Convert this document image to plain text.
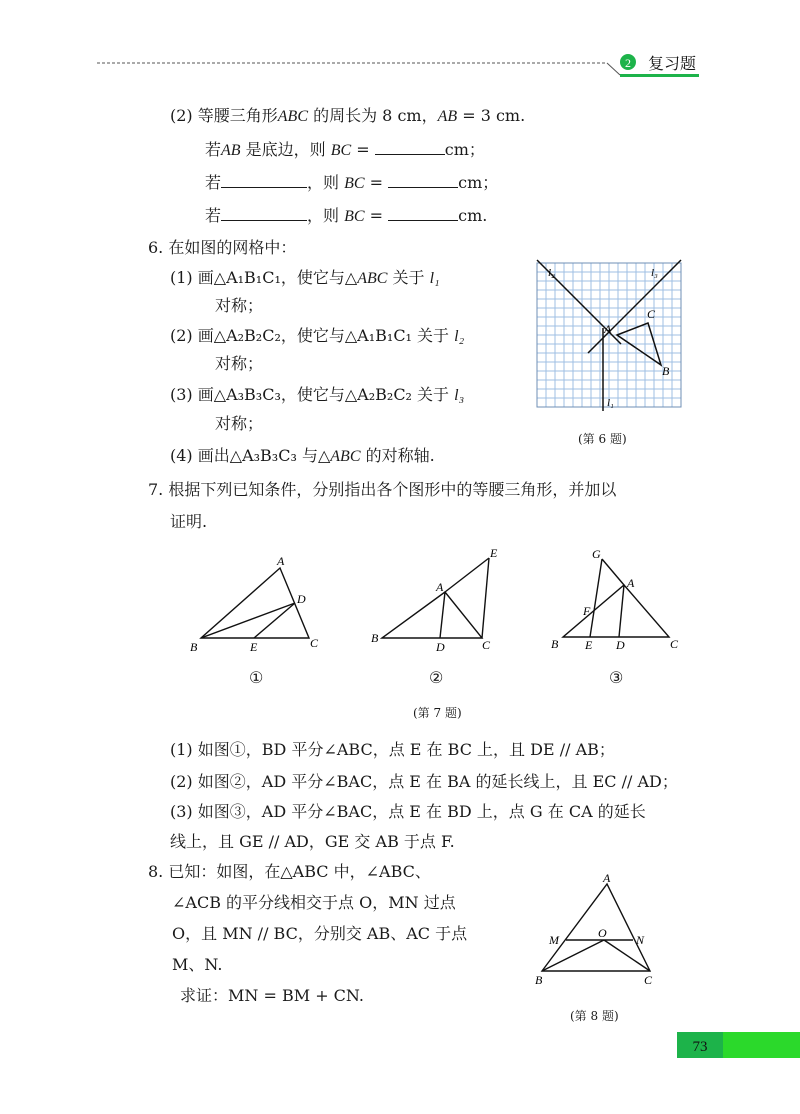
2 复习题
(2) 等腰三角形ABC 的周长为 8 cm，AB = 3 cm.
若AB 是底边，则 BC =	cm；
若	，则 BC =	cm；
若	，则 BC =	cm.
6. 在如图的网格中：
(1) 画△A₁B₁C₁，使它与△ABC 关于 l₁
对称；
(2) 画△A₂B₂C₂，使它与△A₁B₁C₁ 关于 l₂
对称；
(3) 画△A₃B₃C₃，使它与△A₂B₂C₂ 关于 l₃
对称；
(4) 画出△A₃B₃C₃ 与△ABC 的对称轴.
l₂	l₃
l₁
A
C
B
(第 6 题)
7. 根据下列已知条件，分别指出各个图形中的等腰三角形，并加以
证明.
A
B	C
D
E
①
A
B	C
D
E
②
A
B	C
D
E
F
G
③
(第 7 题)
(1) 如图①，BD 平分∠ABC，点 E 在 BC 上，且 DE // AB；
(2) 如图②，AD 平分∠BAC，点 E 在 BA 的延长线上，且 EC // AD；
(3) 如图③，AD 平分∠BAC，点 E 在 BD 上，点 G 在 CA 的延长
线上，且 GE // AD，GE 交 AB 于点 F.
8. 已知：如图，在△ABC 中，∠ABC、
∠ACB 的平分线相交于点 O，MN 过点
O，且 MN // BC，分别交 AB、AC 于点
M、N.
求证：MN = BM + CN.
A
B	C
M	N
O
(第 8 题)
73
